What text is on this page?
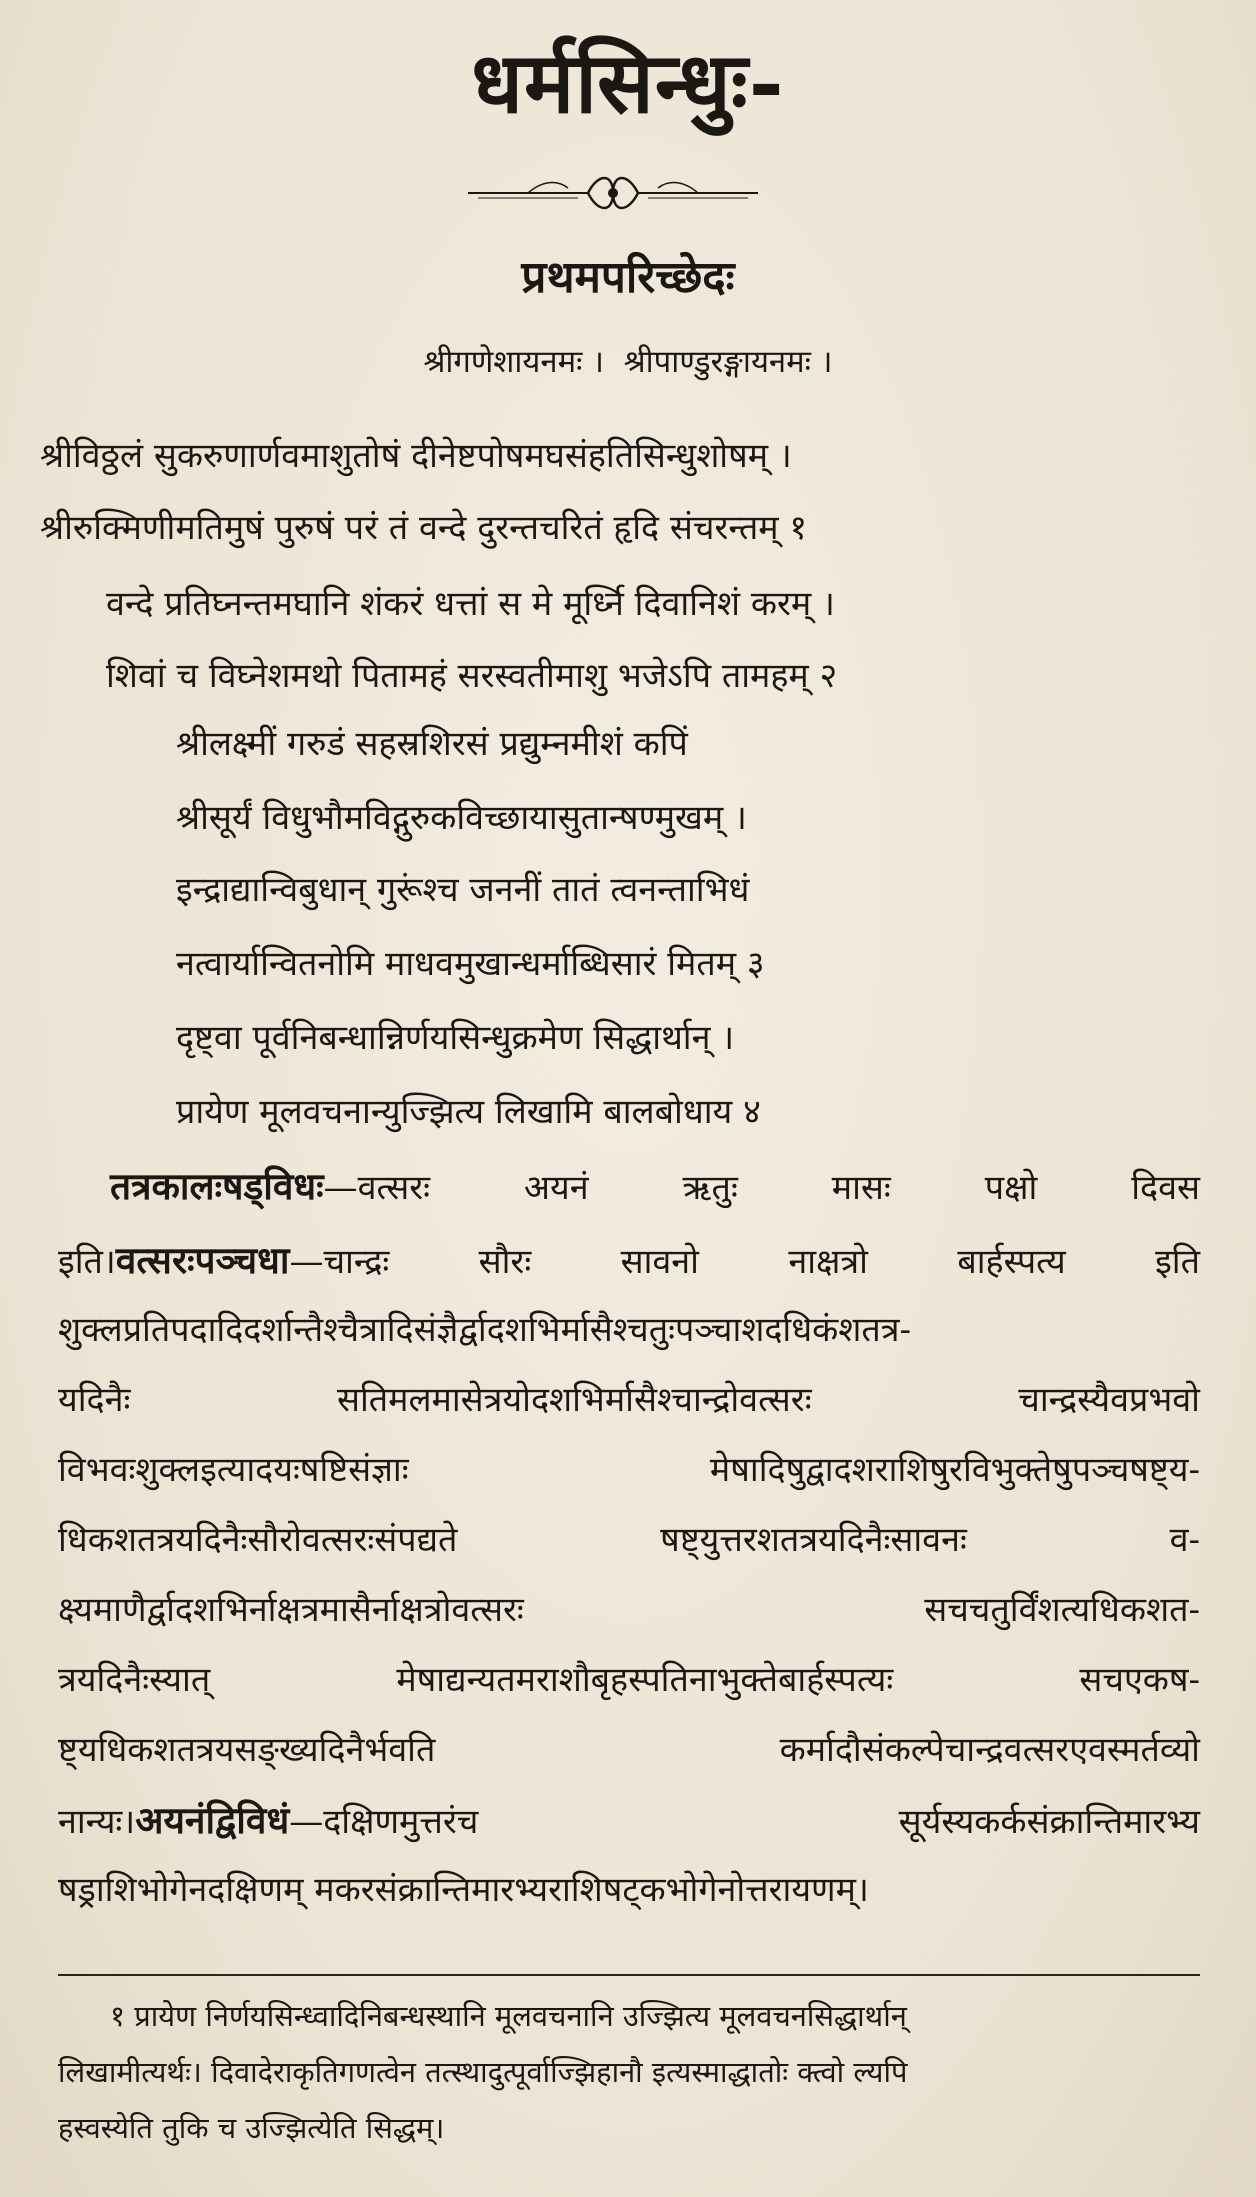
धर्मसिन्धुः-
प्रथमपरिच्छेदः
श्रीगणेशायनमः ।  श्रीपाण्डुरङ्गायनमः ।
श्रीविठ्ठलं सुकरुणार्णवमाशुतोषं दीनेष्टपोषमघसंहतिसिन्धुशोषम् ।
श्रीरुक्मिणीमतिमुषं पुरुषं परं तं वन्दे दुरन्तचरितं हृदि संचरन्तम् १
वन्दे प्रतिघ्नन्तमघानि शंकरं धत्तां स मे मूर्ध्नि दिवानिशं करम् ।
शिवां च विघ्नेशमथो पितामहं सरस्वतीमाशु भजेऽपि तामहम् २
श्रीलक्ष्मीं गरुडं सहस्रशिरसं प्रद्युम्नमीशं कपिं
श्रीसूर्यं विधुभौमविद्गुरुकविच्छायासुतान्षण्मुखम् ।
इन्द्राद्यान्विबुधान् गुरूंश्च जननीं तातं त्वनन्ताभिधं
नत्वार्यान्वितनोमि माधवमुखान्धर्माब्धिसारं मितम् ३
दृष्ट्वा पूर्वनिबन्धान्निर्णयसिन्धुक्रमेण सिद्धार्थान् ।
प्रायेण मूलवचनान्युज्झित्य लिखामि बालबोधाय ४
तत्रकालःषड्विधः—वत्सरः अयनं ऋतुः मासः पक्षो दिवस
इति।वत्सरःपञ्चधा—चान्द्रः सौरः सावनो नाक्षत्रो बार्हस्पत्य इति
शुक्लप्रतिपदादिदर्शान्तैश्चैत्रादिसंज्ञैर्द्वादशभिर्मासैश्चतुःपञ्चाशदधिकंशतत्र-
यदिनैः सतिमलमासेत्रयोदशभिर्मासैश्चान्द्रोवत्सरः चान्द्रस्यैवप्रभवो
विभवःशुक्लइत्यादयःषष्टिसंज्ञाः मेषादिषुद्वादशराशिषुरविभुक्तेषुपञ्चषष्ट्य-
धिकशतत्रयदिनैःसौरोवत्सरःसंपद्यते षष्ट्युत्तरशतत्रयदिनैःसावनः व-
क्ष्यमाणैर्द्वादशभिर्नाक्षत्रमासैर्नाक्षत्रोवत्सरः सचचतुर्विंशत्यधिकशत-
त्रयदिनैःस्यात् मेषाद्यन्यतमराशौबृहस्पतिनाभुक्तेबार्हस्पत्यः सचएकष-
ष्ट्यधिकशतत्रयसङ्ख्यदिनैर्भवति कर्मादौसंकल्पेचान्द्रवत्सरएवस्मर्तव्यो
नान्यः।अयनंद्विविधं—दक्षिणमुत्तरंच सूर्यस्यकर्कसंक्रान्तिमारभ्य
षड्राशिभोगेनदक्षिणम् मकरसंक्रान्तिमारभ्यराशिषट्कभोगेनोत्तरायणम्।
१ प्रायेण निर्णयसिन्ध्वादिनिबन्धस्थानि मूलवचनानि उज्झित्य मूलवचनसिद्धार्थान्
लिखामीत्यर्थः। दिवादेराकृतिगणत्वेन तत्स्थादुत्पूर्वाज्झिहानौ इत्यस्माद्धातोः क्त्वो ल्यपि
हस्वस्येति तुकि च उज्झित्येति सिद्धम्।
